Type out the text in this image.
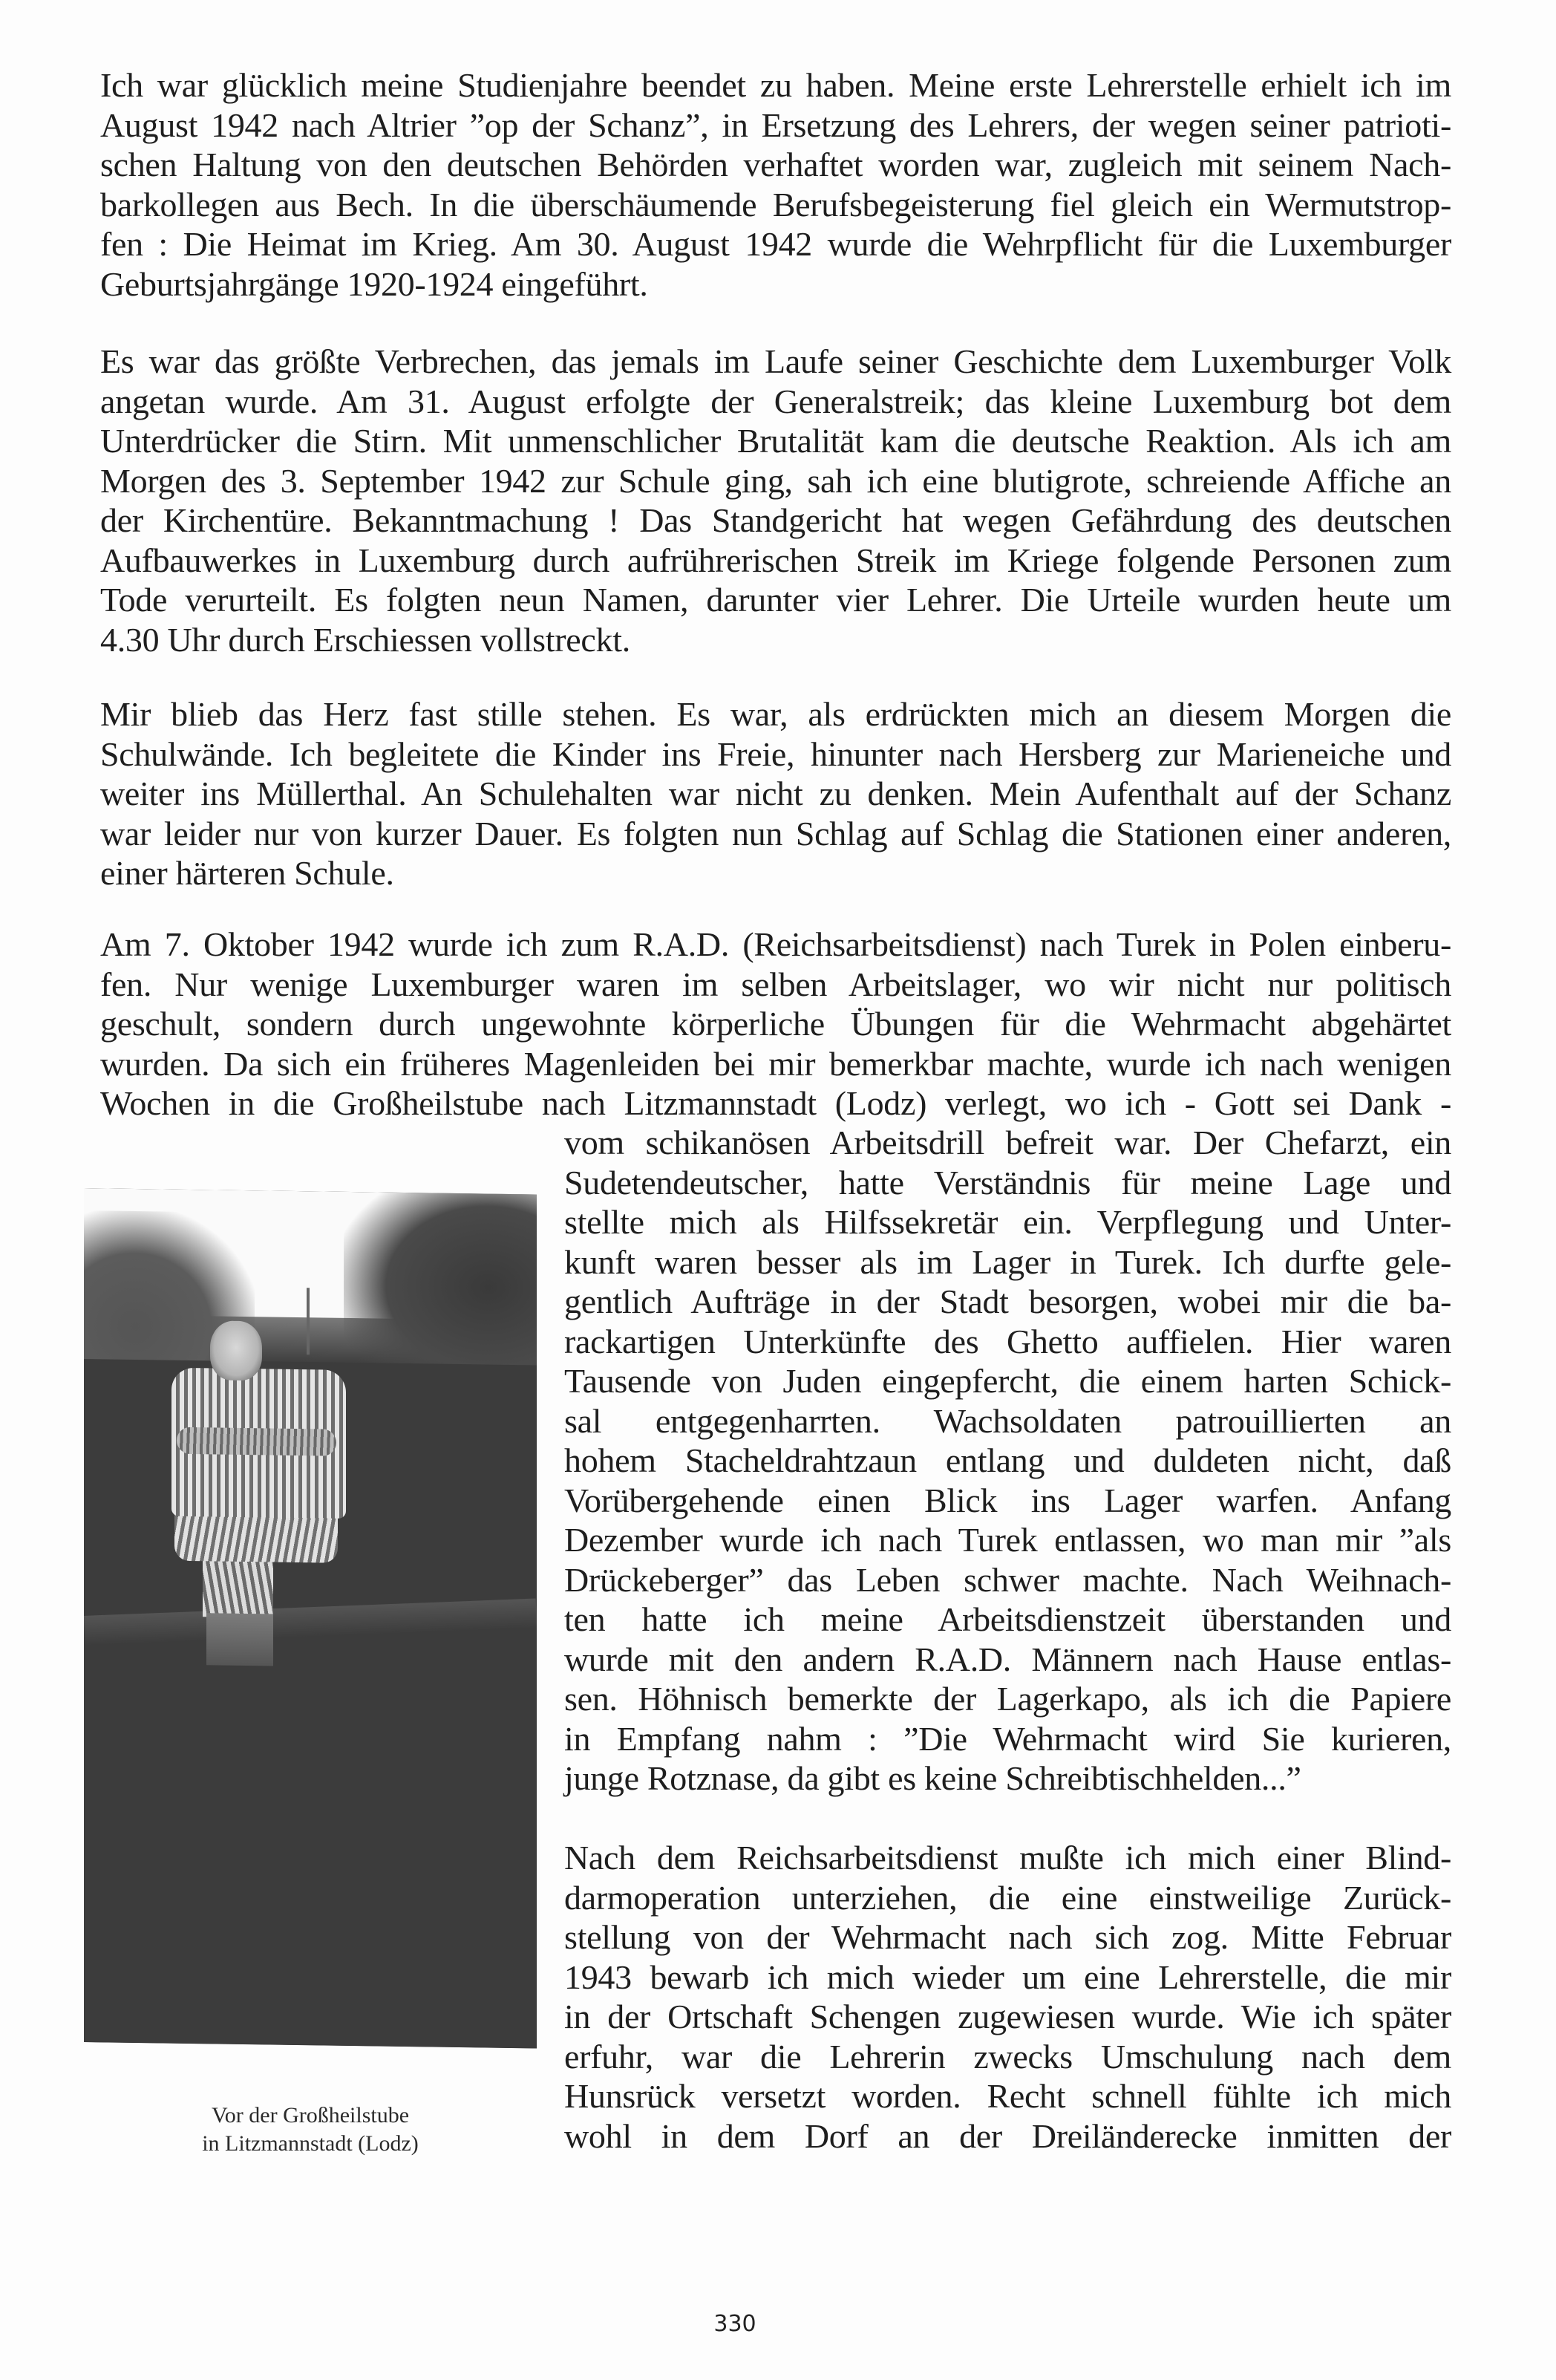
Ich war glücklich meine Studienjahre beendet zu haben. Meine erste Lehrerstelle erhielt ich im
August 1942 nach Altrier ”op der Schanz”, in Ersetzung des Lehrers, der wegen seiner patrioti-
schen Haltung von den deutschen Behörden verhaftet worden war, zugleich mit seinem Nach-
barkollegen aus Bech. In die überschäumende Berufsbegeisterung fiel gleich ein Wermutstrop-
fen : Die Heimat im Krieg. Am 30. August 1942 wurde die Wehrpflicht für die Luxemburger
Geburtsjahrgänge 1920-1924 eingeführt.
Es war das größte Verbrechen, das jemals im Laufe seiner Geschichte dem Luxemburger Volk
angetan wurde. Am 31. August erfolgte der Generalstreik; das kleine Luxemburg bot dem
Unterdrücker die Stirn. Mit unmenschlicher Brutalität kam die deutsche Reaktion. Als ich am
Morgen des 3. September 1942 zur Schule ging, sah ich eine blutigrote, schreiende Affiche an
der Kirchentüre. Bekanntmachung ! Das Standgericht hat wegen Gefährdung des deutschen
Aufbauwerkes in Luxemburg durch aufrührerischen Streik im Kriege folgende Personen zum
Tode verurteilt. Es folgten neun Namen, darunter vier Lehrer. Die Urteile wurden heute um
4.30 Uhr durch Erschiessen vollstreckt.
Mir blieb das Herz fast stille stehen. Es war, als erdrückten mich an diesem Morgen die
Schulwände. Ich begleitete die Kinder ins Freie, hinunter nach Hersberg zur Marieneiche und
weiter ins Müllerthal. An Schulehalten war nicht zu denken. Mein Aufenthalt auf der Schanz
war leider nur von kurzer Dauer. Es folgten nun Schlag auf Schlag die Stationen einer anderen,
einer härteren Schule.
Am 7. Oktober 1942 wurde ich zum R.A.D. (Reichsarbeitsdienst) nach Turek in Polen einberu-
fen. Nur wenige Luxemburger waren im selben Arbeitslager, wo wir nicht nur politisch
geschult, sondern durch ungewohnte körperliche Übungen für die Wehrmacht abgehärtet
wurden. Da sich ein früheres Magenleiden bei mir bemerkbar machte, wurde ich nach wenigen
Wochen in die Großheilstube nach Litzmannstadt (Lodz) verlegt, wo ich - Gott sei Dank -
vom schikanösen Arbeitsdrill befreit war. Der Chefarzt, ein
Sudetendeutscher, hatte Verständnis für meine Lage und
stellte mich als Hilfssekretär ein. Verpflegung und Unter-
kunft waren besser als im Lager in Turek. Ich durfte gele-
gentlich Aufträge in der Stadt besorgen, wobei mir die ba-
rackartigen Unterkünfte des Ghetto auffielen. Hier waren
Tausende von Juden eingepfercht, die einem harten Schick-
sal entgegenharrten. Wachsoldaten patrouillierten an
hohem Stacheldrahtzaun entlang und duldeten nicht, daß
Vorübergehende einen Blick ins Lager warfen. Anfang
Dezember wurde ich nach Turek entlassen, wo man mir ”als
Drückeberger” das Leben schwer machte. Nach Weihnach-
ten hatte ich meine Arbeitsdienstzeit überstanden und
wurde mit den andern R.A.D. Männern nach Hause entlas-
sen. Höhnisch bemerkte der Lagerkapo, als ich die Papiere
in Empfang nahm : ”Die Wehrmacht wird Sie kurieren,
junge Rotznase, da gibt es keine Schreibtischhelden...”
Nach dem Reichsarbeitsdienst mußte ich mich einer Blind-
darmoperation unterziehen, die eine einstweilige Zurück-
stellung von der Wehrmacht nach sich zog. Mitte Februar
1943 bewarb ich mich wieder um eine Lehrerstelle, die mir
in der Ortschaft Schengen zugewiesen wurde. Wie ich später
erfuhr, war die Lehrerin zwecks Umschulung nach dem
Hunsrück versetzt worden. Recht schnell fühlte ich mich
wohl in dem Dorf an der Dreiländerecke inmitten der
Vor der Großheilstube
in Litzmannstadt (Lodz)
330
